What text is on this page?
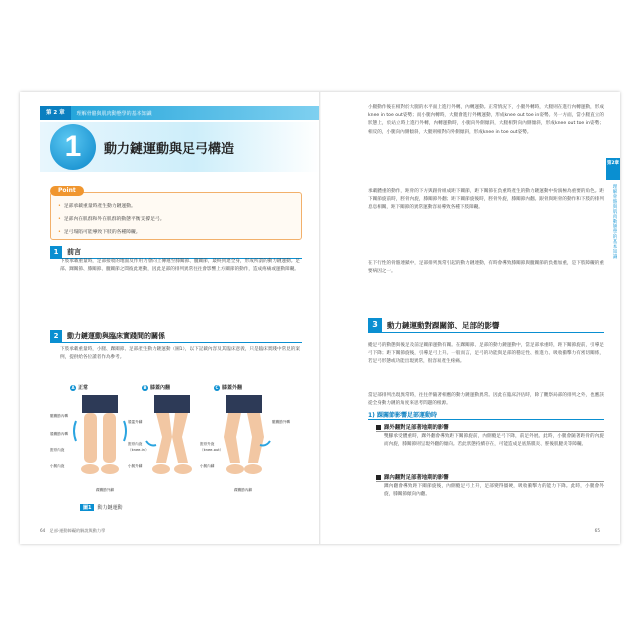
第 2 章	理解骨骼與肌肉動態學的基本知識
1	動力鏈運動與足弓構造
Point
• 足部承載重量時產生動力鏈運動。
• 足部內在肌群和外在肌群的動態平衡支撐足弓。
• 足弓塌陷可能導致下肢的各種障礙。
1	前言

下肢承載重量時，足部接收的地面反作用力會向上傳遞至膝關節、髖關節，最終到達全身，形成所謂的動力鏈運動。足部、踝關節、膝關節、髖關節之間彼此連動，因此足部的排列異常往往會影響上方關節的動作，造成疼痛或運動障礙。

2	動力鏈運動與臨床實踐間的關係

下肢承載重量時，小腿、踝關節、足部產生動力鏈運動（圖1），以下記載內容及其臨床意義，只是臨床實踐中常見的案例，提供給各位讀者作為參考。

A 正常	B 膝蓋內翻	C 膝蓋外翻
髖關節內轉
膝關節內轉
脛骨內旋
小腿內旋
踝關節外翻
膝蓋外翻
脛骨內旋
（knee-in）
小腿外翻
髖關節外轉
脛骨外旋
（knee-out）
小腿內翻
踝關節內翻
圖1	動力鏈運動
64　足部·運動障礙的解說與動力學
第2章
理解骨骼與肌肉動態學的基本知識

小腿動作後在相對於大腿的水平面上進行外轉，內轉運動。正常情況下，小腿外轉時，大腿則在進行內轉運動，形成knee in toe out姿勢；而小腿內轉時，大腿會進行外轉運動，形成knee out toe in姿勢。另一方面，當小腿直立的狀態上，於站立時上進行外轉，內轉運動時，小腿向外側傾斜，大腿相對向內側傾斜，形成knee out toe in姿勢；相反的，小腿向內側傾斜，大腿則相對向外側傾斜，形成knee in toe out姿勢。

承載體重的動作，距骨的下方與跟骨組成距下關節，距下關節在負重時產生的動力鏈運動中扮演極為重要的角色。距下關節旋前時，脛骨內旋，膝關節外翻；距下關節旋後時，脛骨外旋，膝關節內翻。跟骨與距骨的動作和下肢的排列息息相關，距下關節的異常運動容易導致各種下肢障礙。

在下行性的骨骼連鎖中，足部排列異常引起的動力鏈連動，有時會導致膝關節與髖關節的負擔加重，是下肢障礙的重要病因之一。

3	動力鏈運動對踝關節、足部的影響

縱足弓的動態與後足及前足關節運動有關。在踝關節、足部的動力鏈運動中，當足部承重時，距下關節旋前，引導足弓下降；距下關節旋後，引導足弓上升。一般而言，足弓的功能與足部的穩定性、推進力、吸收衝擊力有密切關係，若足弓形態或功能出現異常，很容易產生疼痛。

當足部排列出現異常時，往往伴隨著相應的動力鏈運動異常。因此在臨床評估時，除了觀察局部的排列之外，也應該從全身動力鏈的角度來思考問題的根源。

1) 踝關節影響足部運動時
踝外翻對足部著地期的影響

雙腳承受體重時，踝外翻會導致距下關節旋前，內側縱足弓下降，前足外展。此時，小腿會隨著距骨的內旋而內旋，膝關節則呈現外翻的傾向。若此狀態持續存在，可能造成足底筋膜炎、脛後肌腱炎等障礙。

踝內翻對足部著地期的影響

踝內翻會導致距下關節旋後，內側縱足弓上升，足部變得僵硬，吸收衝擊力的能力下降。此時，小腿會外旋，膝關節傾向內翻。

65
